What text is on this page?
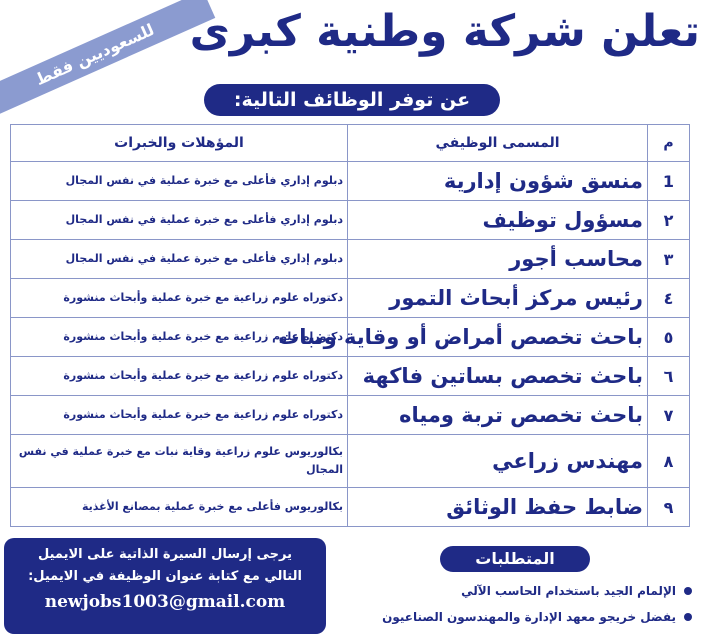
للسعوديين فقط تعلن شركة وطنية كبرى
عن توفر الوظائف التالية:
م	المسمى الوظيفي	المؤهلات والخبرات
1	منسق شؤون إدارية	دبلوم إداري فأعلى مع خبرة عملية في نفس المجال
٢	مسؤول توظيف	دبلوم إداري فأعلى مع خبرة عملية في نفس المجال
٣	محاسب أجور	دبلوم إداري فأعلى مع خبرة عملية في نفس المجال
٤	رئيس مركز أبحاث التمور	دكتوراه علوم زراعية مع خبرة عملية وأبحاث منشورة
٥	باحث تخصص أمراض أو وقاية ونبات	دكتوراه علوم زراعية مع خبرة عملية وأبحاث منشورة
٦	باحث تخصص بساتين فاكهة	دكتوراه علوم زراعية مع خبرة عملية وأبحاث منشورة
٧	باحث تخصص تربة ومياه	دكتوراه علوم زراعية مع خبرة عملية وأبحاث منشورة
٨	مهندس زراعي	بكالوريوس علوم زراعية وقاية نبات مع خبرة عملية في نفس المجال
٩	ضابط حفظ الوثائق	بكالوريوس فأعلى مع خبرة عملية بمصانع الأغذية
المتطلبات
الإلمام الجيد باستخدام الحاسب الآلي
يفضل خريجو معهد الإدارة والمهندسون الصناعيون
يرجى إرسال السيرة الذاتية على الايميل
التالي مع كتابة عنوان الوظيفة في الايميل:
newjobs1003@gmail.com
